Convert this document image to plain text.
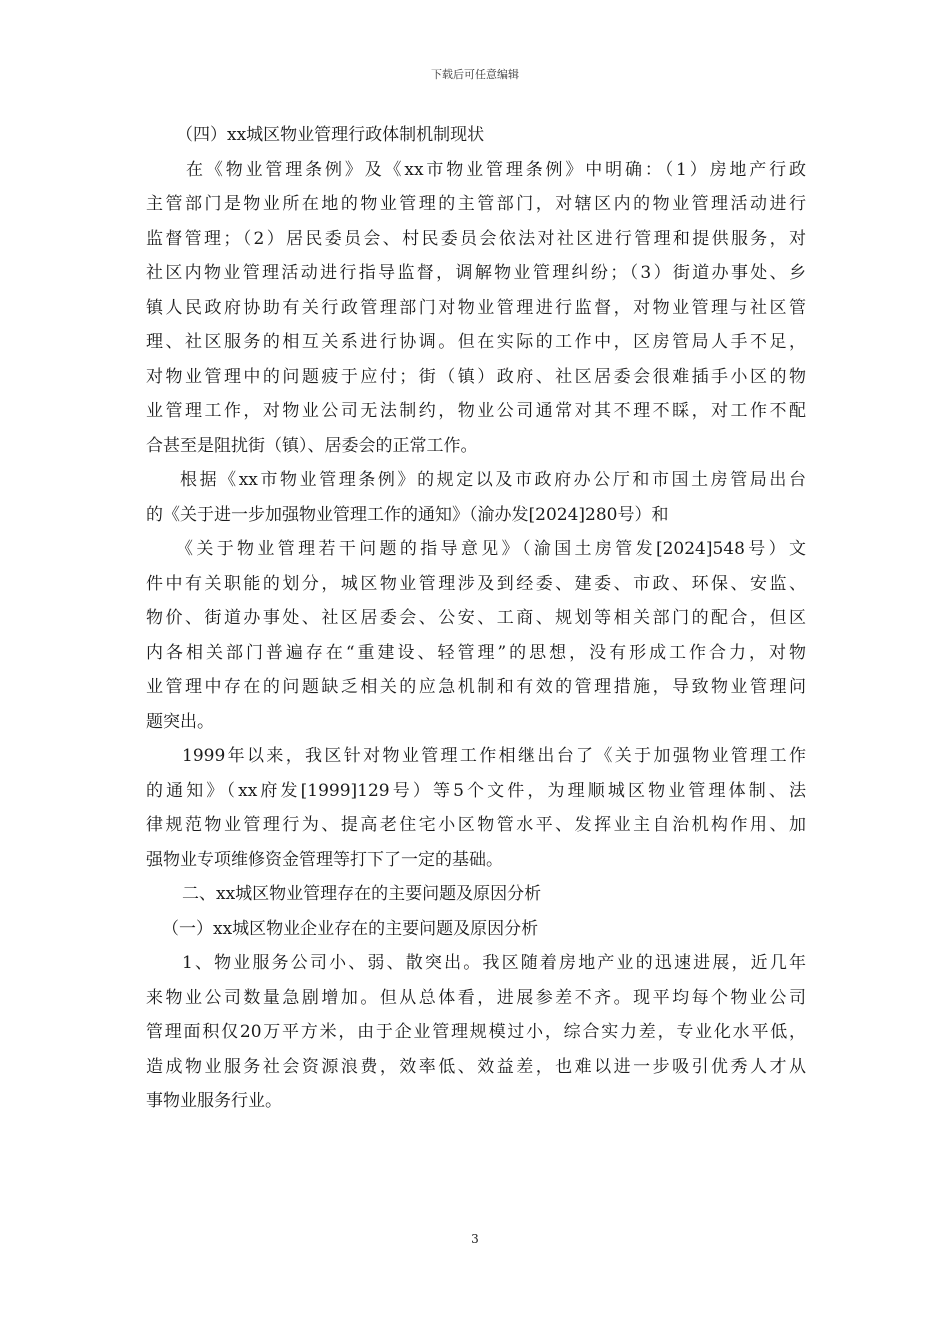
下载后可任意编辑
（四）xx城区物业管理行政体制机制现状
在《物业管理条例》及《xx市物业管理条例》中明确：（1）房地产行政
主管部门是物业所在地的物业管理的主管部门，对辖区内的物业管理活动进行
监督管理；（2）居民委员会、村民委员会依法对社区进行管理和提供服务，对
社区内物业管理活动进行指导监督，调解物业管理纠纷；（3）街道办事处、乡
镇人民政府协助有关行政管理部门对物业管理进行监督，对物业管理与社区管
理、社区服务的相互关系进行协调。但在实际的工作中，区房管局人手不足，
对物业管理中的问题疲于应付；街（镇）政府、社区居委会很难插手小区的物
业管理工作，对物业公司无法制约，物业公司通常对其不理不睬，对工作不配
合甚至是阻扰街（镇）、居委会的正常工作。
根据《xx市物业管理条例》的规定以及市政府办公厅和市国土房管局出台
的《关于进一步加强物业管理工作的通知》（渝办发[2024]280号）和
《关于物业管理若干问题的指导意见》（渝国土房管发[2024]548号）文
件中有关职能的划分，城区物业管理涉及到经委、建委、市政、环保、安监、
物价、街道办事处、社区居委会、公安、工商、规划等相关部门的配合，但区
内各相关部门普遍存在“重建设、轻管理”的思想，没有形成工作合力，对物
业管理中存在的问题缺乏相关的应急机制和有效的管理措施，导致物业管理问
题突出。
1999年以来，我区针对物业管理工作相继出台了《关于加强物业管理工作
的通知》（xx府发[1999]129号）等5个文件，为理顺城区物业管理体制、法
律规范物业管理行为、提高老住宅小区物管水平、发挥业主自治机构作用、加
强物业专项维修资金管理等打下了一定的基础。
二、xx城区物业管理存在的主要问题及原因分析
（一）xx城区物业企业存在的主要问题及原因分析
1、物业服务公司小、弱、散突出。我区随着房地产业的迅速进展，近几年
来物业公司数量急剧增加。但从总体看，进展参差不齐。现平均每个物业公司
管理面积仅20万平方米，由于企业管理规模过小，综合实力差，专业化水平低，
造成物业服务社会资源浪费，效率低、效益差，也难以进一步吸引优秀人才从
事物业服务行业。
3
